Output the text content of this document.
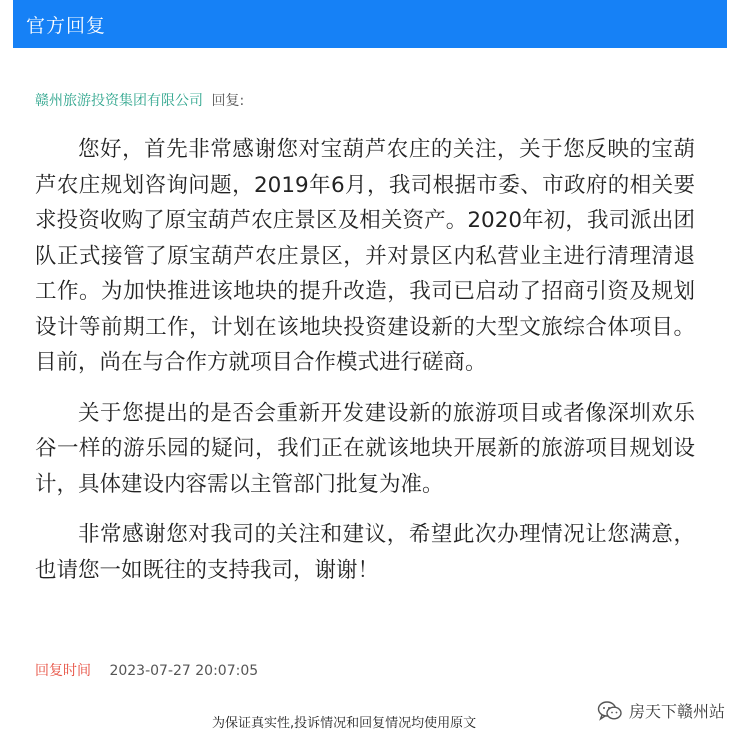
官方回复
赣州旅游投资集团有限公司 回复:

您好，首先非常感谢您对宝葫芦农庄的关注，关于您反映的宝葫芦农庄规划咨询问题，2019年6月，我司根据市委、市政府的相关要求投资收购了原宝葫芦农庄景区及相关资产。2020年初，我司派出团队正式接管了原宝葫芦农庄景区，并对景区内私营业主进行清理清退工作。为加快推进该地块的提升改造，我司已启动了招商引资及规划设计等前期工作，计划在该地块投资建设新的大型文旅综合体项目。目前，尚在与合作方就项目合作模式进行磋商。

关于您提出的是否会重新开发建设新的旅游项目或者像深圳欢乐谷一样的游乐园的疑问，我们正在就该地块开展新的旅游项目规划设计，具体建设内容需以主管部门批复为准。

非常感谢您对我司的关注和建议，希望此次办理情况让您满意，也请您一如既往的支持我司，谢谢！

回复时间 2023-07-27 20:07:05
为保证真实性,投诉情况和回复情况均使用原文
房天下赣州站
